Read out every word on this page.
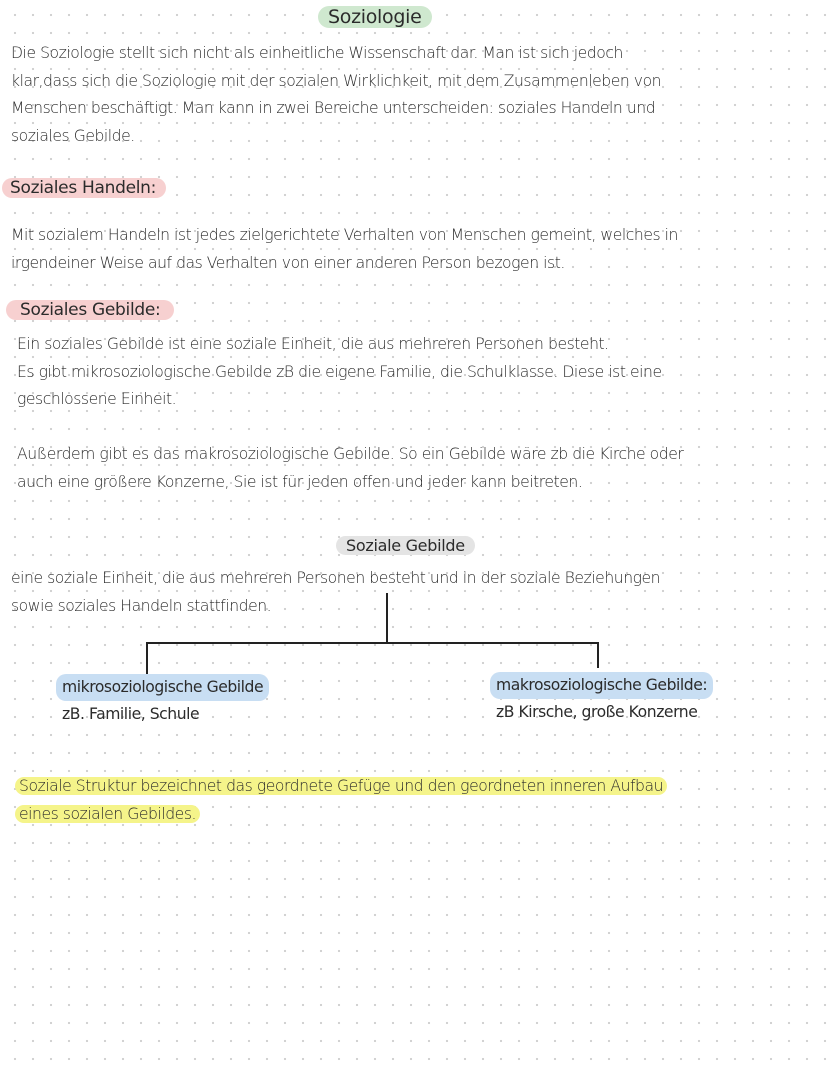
Soziologie
Die Soziologie stellt sich nicht als einheitliche Wissenschaft dar. Man ist sich jedoch
klar,dass sich die Soziologie mit der sozialen Wirklichkeit, mit dem Zusammenleben von
Menschen beschäftigt. Man kann in zwei Bereiche unterscheiden: soziales Handeln und
soziales Gebilde.
Soziales Handeln:
Mit sozialem Handeln ist jedes zielgerichtete Verhalten von Menschen gemeint, welches in
irgendeiner Weise auf das Verhalten von einer anderen Person bezogen ist.
Soziales Gebilde:
Ein soziales Gebilde ist eine soziale Einheit, die aus mehreren Personen besteht.
Es gibt mikrosoziologische Gebilde zB die eigene Familie, die Schulklasse. Diese ist eine
geschlossene Einheit.
Außerdem gibt es das makrosoziologische Gebilde. So ein Gebilde wäre zb die Kirche oder
auch eine größere Konzerne, Sie ist für jeden offen und jeder kann beitreten.
Soziale Gebilde
eine soziale Einheit, die aus mehreren Personen besteht und in der soziale Beziehungen
sowie soziales Handeln stattfinden.
mikrosoziologische Gebilde
zB. Familie, Schule
makrosoziologische Gebilde:
zB Kirsche, große Konzerne
Soziale Struktur bezeichnet das geordnete Gefüge und den geordneten inneren Aufbau
eines sozialen Gebildes.
